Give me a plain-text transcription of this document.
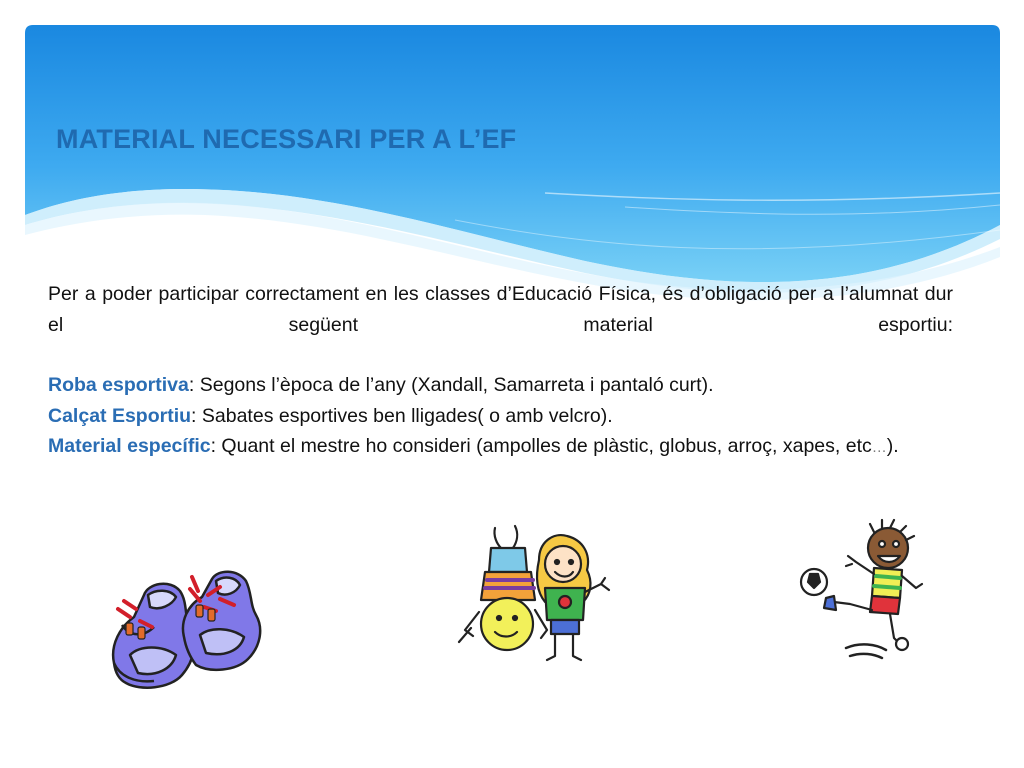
MATERIAL NECESSARI PER A L’EF

Per a poder participar correctament en les classes d’Educació Física, és d’obligació per a l’alumnat dur el següent material esportiu:

Roba esportiva: Segons l’època de l’any (Xandall, Samarreta i pantaló curt).

Calçat Esportiu: Sabates esportives ben lligades( o amb velcro).

Material específic: Quant el mestre ho consideri (ampolles de plàstic, globus, arroç, xapes, etc…).
